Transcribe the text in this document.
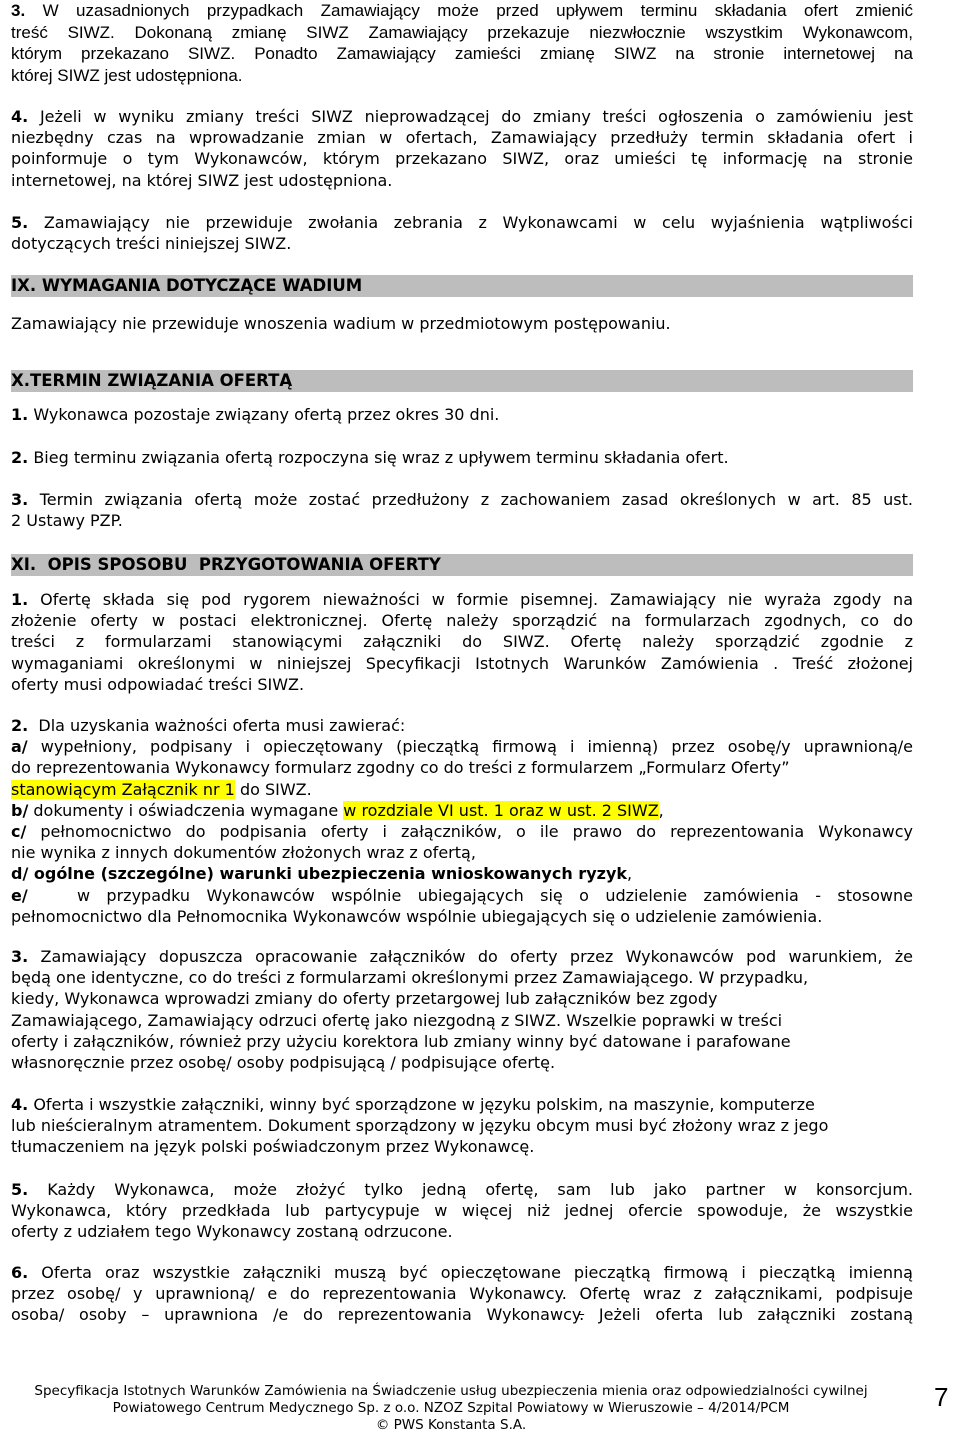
3. W uzasadnionych przypadkach Zamawiający może przed upływem terminu składania ofert zmienić
treść SIWZ. Dokonaną zmianę SIWZ Zamawiający przekazuje niezwłocznie wszystkim Wykonawcom,
którym przekazano SIWZ. Ponadto Zamawiający zamieści zmianę SIWZ na stronie internetowej na
której SIWZ jest udostępniona.
4. Jeżeli w wyniku zmiany treści SIWZ nieprowadzącej do zmiany treści ogłoszenia o zamówieniu jest
niezbędny czas na wprowadzanie zmian w ofertach, Zamawiający przedłuży termin składania ofert i
poinformuje o tym Wykonawców, którym przekazano SIWZ, oraz umieści tę informację na stronie
internetowej, na której SIWZ jest udostępniona.
5. Zamawiający nie przewiduje zwołania zebrania z Wykonawcami w celu wyjaśnienia wątpliwości
dotyczących treści niniejszej SIWZ.
IX. WYMAGANIA DOTYCZĄCE WADIUM
Zamawiający nie przewiduje wnoszenia wadium w przedmiotowym postępowaniu.
X.TERMIN ZWIĄZANIA OFERTĄ
1. Wykonawca pozostaje związany ofertą przez okres 30 dni.
2. Bieg terminu związania ofertą rozpoczyna się wraz z upływem terminu składania ofert.
3. Termin związania ofertą może zostać przedłużony z zachowaniem zasad określonych w art. 85 ust.
2 Ustawy PZP.
XI.  OPIS SPOSOBU  PRZYGOTOWANIA OFERTY
1. Ofertę składa się pod rygorem nieważności w formie pisemnej. Zamawiający nie wyraża zgody na
złożenie oferty w postaci elektronicznej. Ofertę należy sporządzić na formularzach zgodnych, co do
treści z formularzami stanowiącymi załączniki do SIWZ. Ofertę należy sporządzić zgodnie z
wymaganiami określonymi w niniejszej Specyfikacji Istotnych Warunków Zamówienia . Treść złożonej
oferty musi odpowiadać treści SIWZ.
2. Dla uzyskania ważności oferta musi zawierać:
a/ wypełniony, podpisany i opieczętowany (pieczątką firmową i imienną) przez osobę/y uprawnioną/e
do reprezentowania Wykonawcy formularz zgodny co do treści z formularzem „Formularz Oferty”
stanowiącym Załącznik nr 1 do SIWZ.
b/ dokumenty i oświadczenia wymagane w rozdziale VI ust. 1 oraz w ust. 2 SIWZ,
c/ pełnomocnictwo do podpisania oferty i załączników, o ile prawo do reprezentowania Wykonawcy
nie wynika z innych dokumentów złożonych wraz z ofertą,
d/ ogólne (szczególne) warunki ubezpieczenia wnioskowanych ryzyk,
e/	w przypadku Wykonawców wspólnie ubiegających się o udzielenie zamówienia - stosowne
pełnomocnictwo dla Pełnomocnika Wykonawców wspólnie ubiegających się o udzielenie zamówienia.
3. Zamawiający dopuszcza opracowanie załączników do oferty przez Wykonawców pod warunkiem, że
będą one identyczne, co do treści z formularzami określonymi przez Zamawiającego. W przypadku,
kiedy, Wykonawca wprowadzi zmiany do oferty przetargowej lub załączników bez zgody
Zamawiającego, Zamawiający odrzuci ofertę jako niezgodną z SIWZ. Wszelkie poprawki w treści
oferty i załączników, również przy użyciu korektora lub zmiany winny być datowane i parafowane
własnoręcznie przez osobę/ osoby podpisującą / podpisujące ofertę.
4. Oferta i wszystkie załączniki, winny być sporządzone w języku polskim, na maszynie, komputerze
lub nieścieralnym atramentem. Dokument sporządzony w języku obcym musi być złożony wraz z jego
tłumaczeniem na język polski poświadczonym przez Wykonawcę.
5. Każdy Wykonawca, może złożyć tylko jedną ofertę, sam lub jako partner w konsorcjum.
Wykonawca, który przedkłada lub partycypuje w więcej niż jednej ofercie spowoduje, że wszystkie
oferty z udziałem tego Wykonawcy zostaną odrzucone.
6. Oferta oraz wszystkie załączniki muszą być opieczętowane pieczątką firmową i pieczątką imienną
przez osobę/ y uprawnioną/ e do reprezentowania Wykonawcy. Ofertę wraz z załącznikami, podpisuje
osoba/ osoby – uprawniona /e do reprezentowania Wykonawcy. Jeżeli oferta lub załączniki zostaną
Specyfikacja Istotnych Warunków Zamówienia na Świadczenie usług ubezpieczenia mienia oraz odpowiedzialności cywilnej
Powiatowego Centrum Medycznego Sp. z o.o. NZOZ Szpital Powiatowy w Wieruszowie – 4/2014/PCM
© PWS Konstanta S.A.
7
